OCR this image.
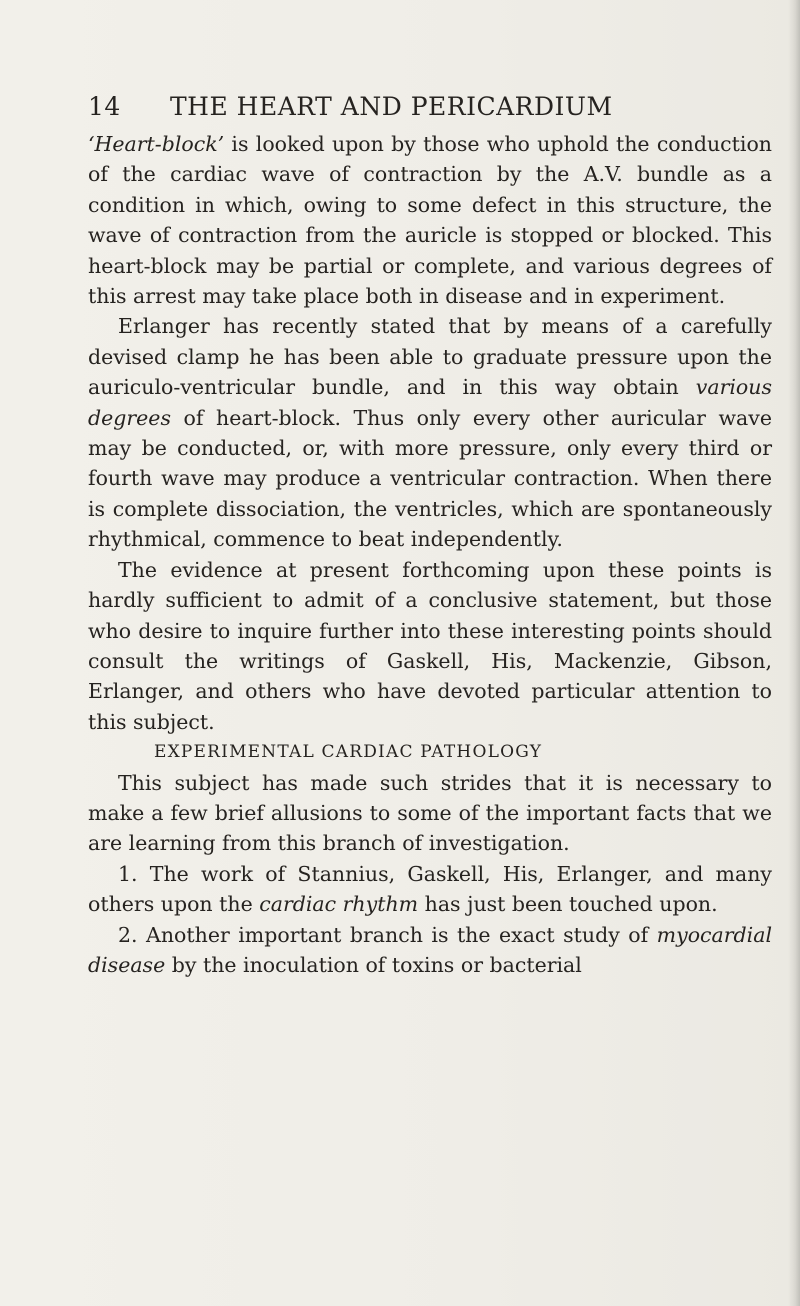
14 THE HEART AND PERICARDIUM

‘Heart-block’ is looked upon by those who uphold the conduction of the cardiac wave of contraction by the A.V. bundle as a condition in which, owing to some defect in this structure, the wave of contraction from the auricle is stopped or blocked. This heart-block may be partial or complete, and various degrees of this arrest may take place both in disease and in experiment.

Erlanger has recently stated that by means of a carefully devised clamp he has been able to graduate pressure upon the auriculo-ventricular bundle, and in this way obtain various degrees of heart-block. Thus only every other auricular wave may be conducted, or, with more pressure, only every third or fourth wave may produce a ventricular contraction. When there is complete dissociation, the ventricles, which are spontaneously rhythmical, commence to beat independently.

The evidence at present forthcoming upon these points is hardly sufficient to admit of a conclusive statement, but those who desire to inquire further into these interesting points should consult the writings of Gaskell, His, Mackenzie, Gibson, Erlanger, and others who have devoted particular attention to this subject.

EXPERIMENTAL CARDIAC PATHOLOGY

This subject has made such strides that it is necessary to make a few brief allusions to some of the important facts that we are learning from this branch of investigation.

1. The work of Stannius, Gaskell, His, Erlanger, and many others upon the cardiac rhythm has just been touched upon.

2. Another important branch is the exact study of myocardial disease by the inoculation of toxins or bacterial
